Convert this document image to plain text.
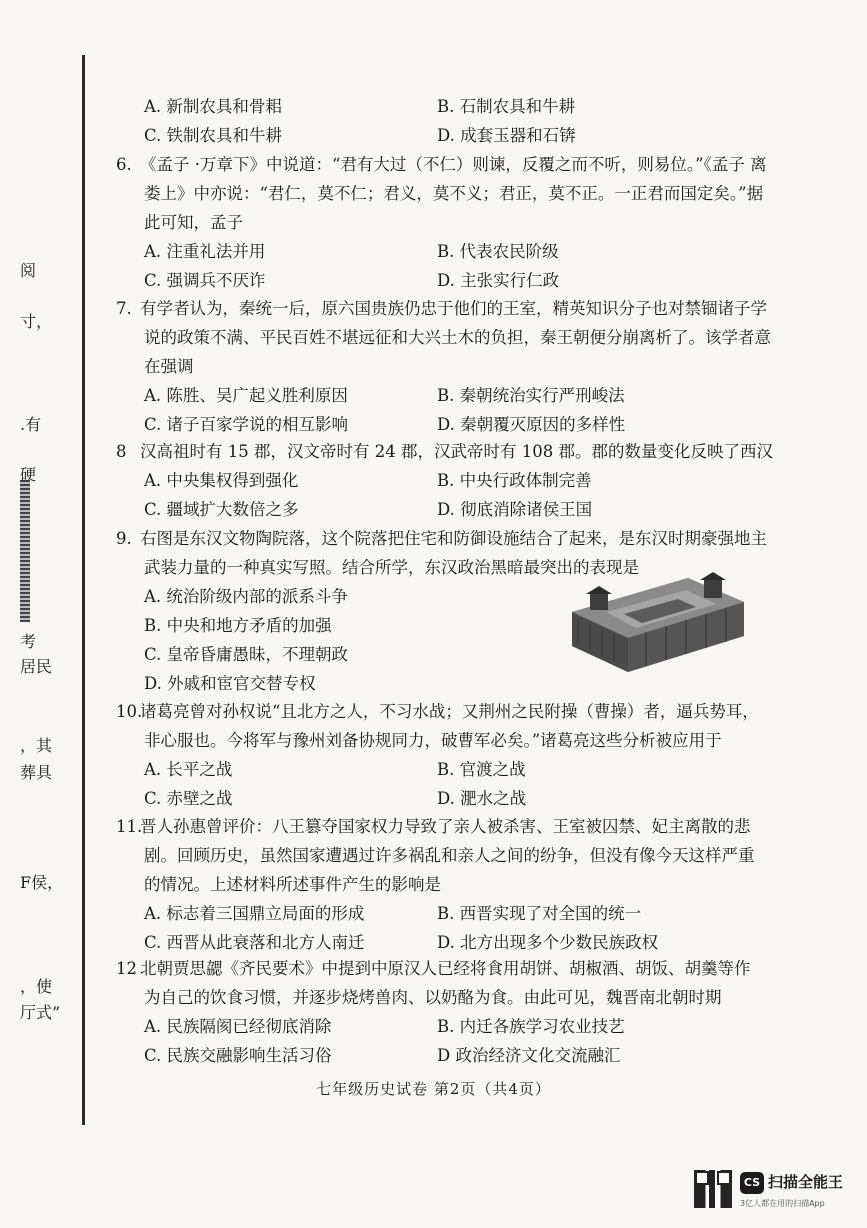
阅
寸，
.有
硬
考
居民
，其
葬具
F侯，
，使
厅式”
A. 新制农具和骨耜	B. 石制农具和牛耕
C. 铁制农具和牛耕	D. 成套玉器和石锛
6. 《孟子 ·万章下》中说道：“君有大过（不仁）则谏，反覆之而不听，则易位。”《孟子 离
娄上》中亦说：“君仁，莫不仁；君义，莫不义；君正，莫不正。一正君而国定矣。”据
此可知，孟子
A. 注重礼法并用	B. 代表农民阶级
C. 强调兵不厌诈	D. 主张实行仁政
7. 有学者认为，秦统一后，原六国贵族仍忠于他们的王室，精英知识分子也对禁锢诸子学
说的政策不满、平民百姓不堪远征和大兴土木的负担，秦王朝便分崩离析了。该学者意
在强调
A. 陈胜、吴广起义胜利原因	B. 秦朝统治实行严刑峻法
C. 诸子百家学说的相互影响	D. 秦朝覆灭原因的多样性
8 汉高祖时有 15 郡，汉文帝时有 24 郡，汉武帝时有 108 郡。郡的数量变化反映了西汉
A. 中央集权得到强化	B. 中央行政体制完善
C. 疆域扩大数倍之多	D. 彻底消除诸侯王国
9. 右图是东汉文物陶院落，这个院落把住宅和防御设施结合了起来，是东汉时期豪强地主
武装力量的一种真实写照。结合所学，东汉政治黑暗最突出的表现是
A. 统治阶级内部的派系斗争
B. 中央和地方矛盾的加强
C. 皇帝昏庸愚昧，不理朝政
D. 外戚和宦官交替专权
10.诸葛亮曾对孙权说“且北方之人，不习水战；又荆州之民附操（曹操）者，逼兵势耳，
非心服也。今将军与豫州刘备协规同力，破曹军必矣。”诸葛亮这些分析被应用于
A. 长平之战	B. 官渡之战
C. 赤壁之战	D. 淝水之战
11.晋人孙惠曾评价：八王篡夺国家权力导致了亲人被杀害、王室被囚禁、妃主离散的悲
剧。回顾历史，虽然国家遭遇过许多祸乱和亲人之间的纷争，但没有像今天这样严重
的情况。上述材料所述事件产生的影响是
A. 标志着三国鼎立局面的形成	B. 西晋实现了对全国的统一
C. 西晋从此衰落和北方人南迁	D. 北方出现多个少数民族政权
12 北朝贾思勰《齐民要术》中提到中原汉人已经将食用胡饼、胡椒酒、胡饭、胡羹等作
为自己的饮食习惯，并逐步烧烤兽肉、以奶酪为食。由此可见，魏晋南北朝时期
A. 民族隔阂已经彻底消除	B. 内迁各族学习农业技艺
C. 民族交融影响生活习俗	D 政治经济文化交流融汇
七年级历史试卷 第2页（共4页）
CS 扫描全能王
3亿人都在用的扫描App
